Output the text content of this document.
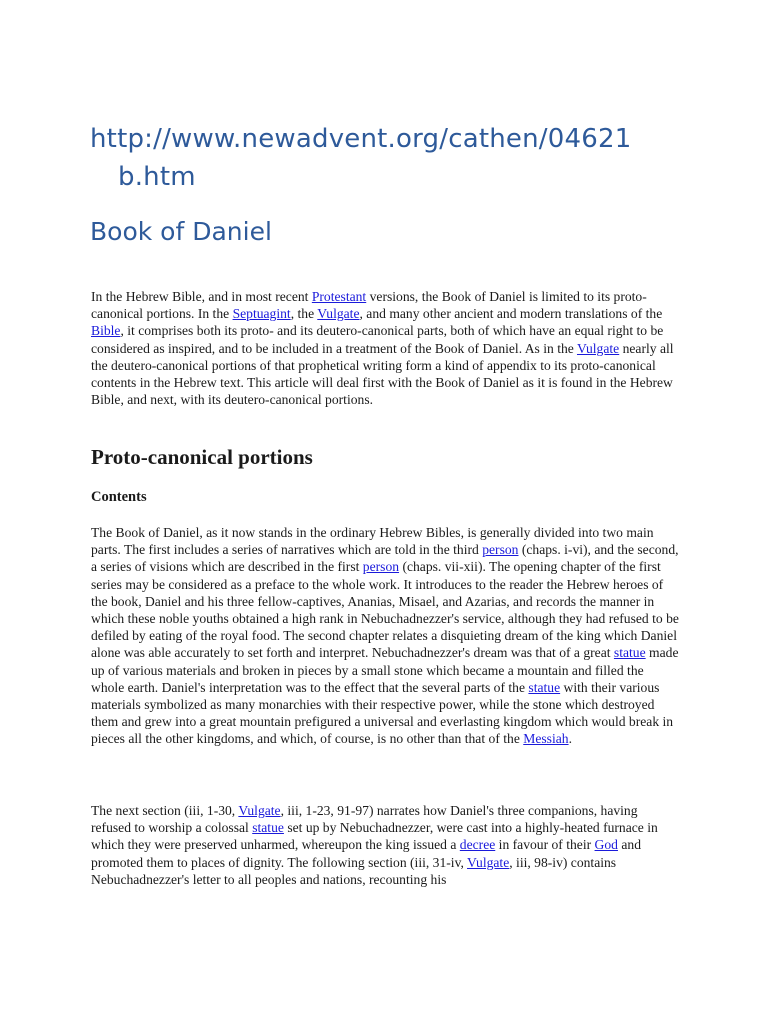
http://www.newadvent.org/cathen/04621
b.htm
Book of Daniel

In the Hebrew Bible, and in most recent Protestant versions, the Book of Daniel is limited to its proto-canonical portions. In the Septuagint, the Vulgate, and many other ancient and modern translations of the Bible, it comprises both its proto- and its deutero-canonical parts, both of which have an equal right to be considered as inspired, and to be included in a treatment of the Book of Daniel. As in the Vulgate nearly all the deutero-canonical portions of that prophetical writing form a kind of appendix to its proto-canonical contents in the Hebrew text. This article will deal first with the Book of Daniel as it is found in the Hebrew Bible, and next, with its deutero-canonical portions.

Proto-canonical portions
Contents

The Book of Daniel, as it now stands in the ordinary Hebrew Bibles, is generally divided into two main parts. The first includes a series of narratives which are told in the third person (chaps. i-vi), and the second, a series of visions which are described in the first person (chaps. vii-xii). The opening chapter of the first series may be considered as a preface to the whole work. It introduces to the reader the Hebrew heroes of the book, Daniel and his three fellow-captives, Ananias, Misael, and Azarias, and records the manner in which these noble youths obtained a high rank in Nebuchadnezzer's service, although they had refused to be defiled by eating of the royal food. The second chapter relates a disquieting dream of the king which Daniel alone was able accurately to set forth and interpret. Nebuchadnezzer's dream was that of a great statue made up of various materials and broken in pieces by a small stone which became a mountain and filled the whole earth. Daniel's interpretation was to the effect that the several parts of the statue with their various materials symbolized as many monarchies with their respective power, while the stone which destroyed them and grew into a great mountain prefigured a universal and everlasting kingdom which would break in pieces all the other kingdoms, and which, of course, is no other than that of the Messiah.

The next section (iii, 1-30, Vulgate, iii, 1-23, 91-97) narrates how Daniel's three companions, having refused to worship a colossal statue set up by Nebuchadnezzer, were cast into a highly-heated furnace in which they were preserved unharmed, whereupon the king issued a decree in favour of their God and promoted them to places of dignity. The following section (iii, 31-iv, Vulgate, iii, 98-iv) contains Nebuchadnezzer's letter to all peoples and nations, recounting his
